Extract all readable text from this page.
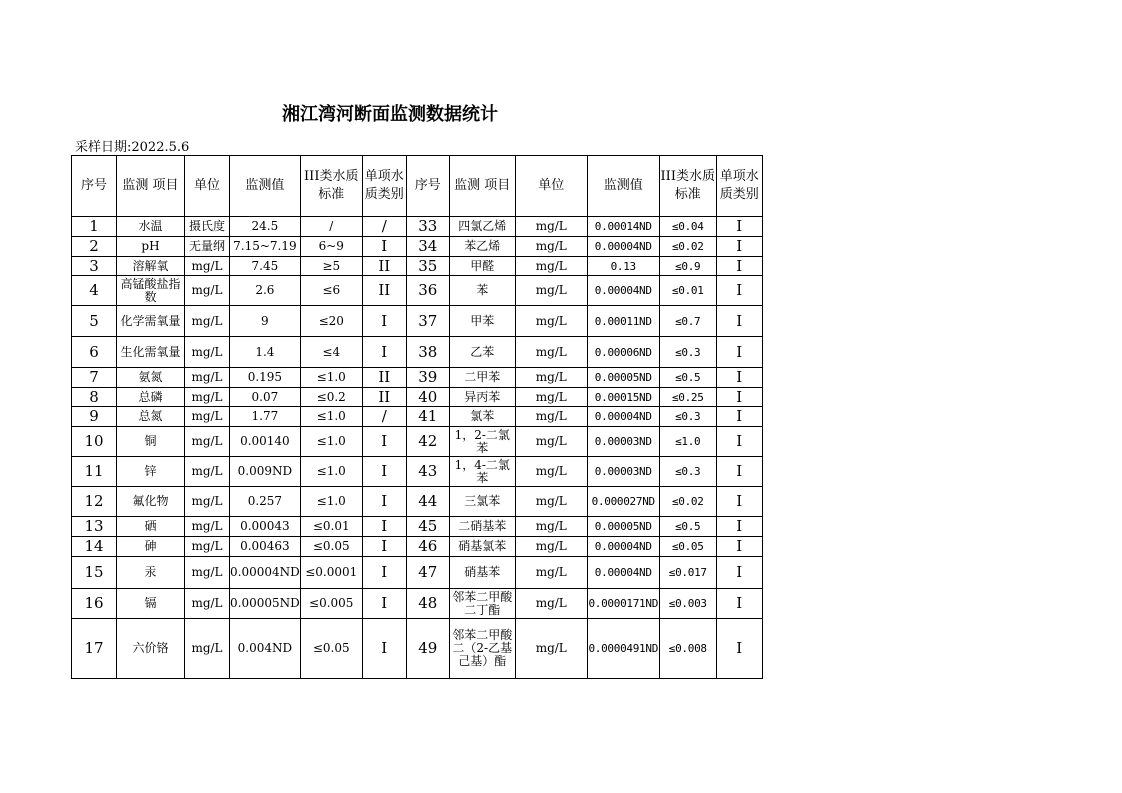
湘江湾河断面监测数据统计
采样日期:2022.5.6
序号	监测 项目	单位	监测值	III类水质标准	单项水质类别	序号	监测 项目	单位	监测值	III类水质标准	单项水质类别
1	水温	摄氏度	24.5	/	/	33	四氯乙烯	mg/L	0.00014ND	≤0.04	I
2	pH	无量纲	7.15~7.19	6~9	I	34	苯乙烯	mg/L	0.00004ND	≤0.02	I
3	溶解氧	mg/L	7.45	≥5	II	35	甲醛	mg/L	0.13	≤0.9	I
4	高锰酸盐指数	mg/L	2.6	≤6	II	36	苯	mg/L	0.00004ND	≤0.01	I
5	化学需氧量	mg/L	9	≤20	I	37	甲苯	mg/L	0.00011ND	≤0.7	I
6	生化需氧量	mg/L	1.4	≤4	I	38	乙苯	mg/L	0.00006ND	≤0.3	I
7	氨氮	mg/L	0.195	≤1.0	II	39	二甲苯	mg/L	0.00005ND	≤0.5	I
8	总磷	mg/L	0.07	≤0.2	II	40	异丙苯	mg/L	0.00015ND	≤0.25	I
9	总氮	mg/L	1.77	≤1.0	/	41	氯苯	mg/L	0.00004ND	≤0.3	I
10	铜	mg/L	0.00140	≤1.0	I	42	1，2-二氯苯	mg/L	0.00003ND	≤1.0	I
11	锌	mg/L	0.009ND	≤1.0	I	43	1，4-二氯苯	mg/L	0.00003ND	≤0.3	I
12	氟化物	mg/L	0.257	≤1.0	I	44	三氯苯	mg/L	0.000027ND	≤0.02	I
13	硒	mg/L	0.00043	≤0.01	I	45	二硝基苯	mg/L	0.00005ND	≤0.5	I
14	砷	mg/L	0.00463	≤0.05	I	46	硝基氯苯	mg/L	0.00004ND	≤0.05	I
15	汞	mg/L	0.00004ND	≤0.0001	I	47	硝基苯	mg/L	0.00004ND	≤0.017	I
16	镉	mg/L	0.00005ND	≤0.005	I	48	邻苯二甲酸二丁酯	mg/L	0.0000171ND	≤0.003	I
17	六价铬	mg/L	0.004ND	≤0.05	I	49	邻苯二甲酸二（2-乙基己基）酯	mg/L	0.0000491ND	≤0.008	I
